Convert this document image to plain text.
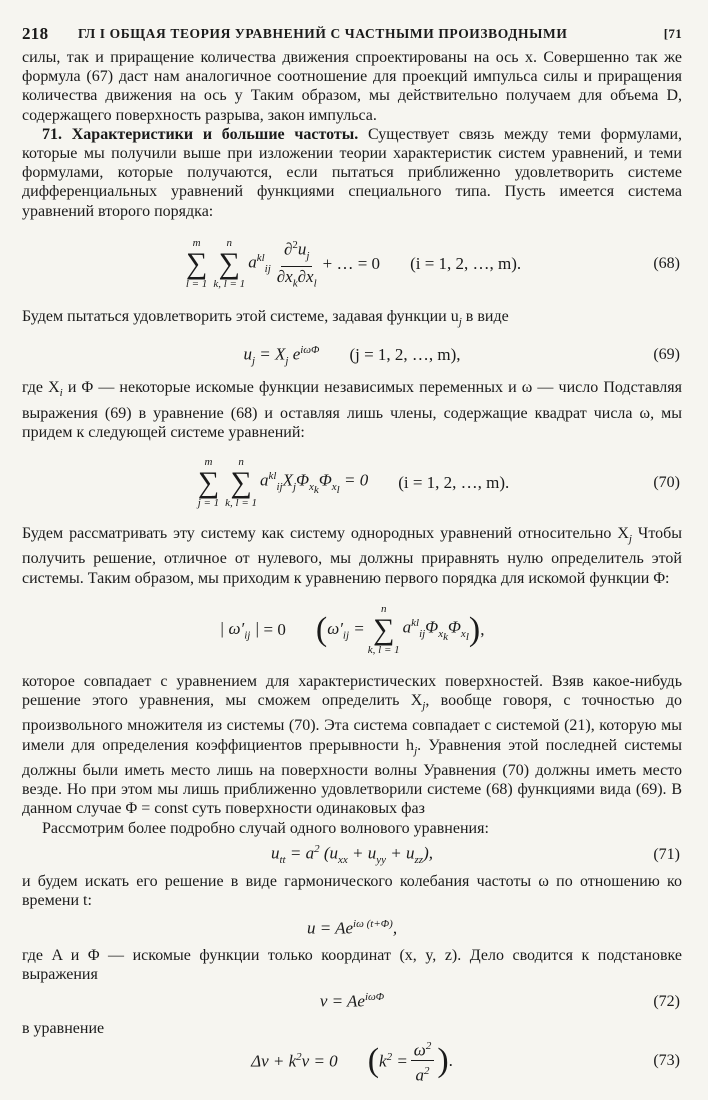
218 ГЛ I ОБЩАЯ ТЕОРИЯ УРАВНЕНИЙ С ЧАСТНЫМИ ПРОИЗВОДНЫМИ	[71

силы, так и приращение количества движения спроектированы на ось x. Совершенно так же формула (67) даст нам аналогичное соотношение для проекций импульса силы и приращения количества движения на ось y Таким образом, мы действительно получаем для объема D, содержащего поверхность разрыва, закон импульса.

71. Характеристики и большие частоты. Существует связь между теми формулами, которые мы получили выше при изложении теории характеристик систем уравнений, и теми формулами, которые получаются, если пытаться приближенно удовлетворить системе дифференциальных уравнений функциями специального типа. Пусть имеется система уравнений второго порядка:

m
∑
l = 1
n
∑
k, l = 1
$a^{kl}_{ij} \frac{\partial^2u_j}{\partial x_k\partial x_l}$ + … = 0 (i = 1, 2, …, m).	(68)

Будем пытаться удовлетворить этой системе, задавая функции $u_j$ в виде

$u_j = X_j$ $e^{i\omega\Phi}$ (j = 1, 2, …, m),	(69)

где $X_i$ и Φ — некоторые искомые функции независимых переменных и ω — число Подставляя выражения (69) в уравнение (68) и оставляя лишь члены, содержащие квадрат числа ω, мы придем к следующей системе уравнений:

m
∑
j = 1
n
∑
k, l = 1
$a^{kl}_{ij}X_j\Phi_{x_k}\Phi_{x_l} = 0$ (i = 1, 2, …, m).	(70)

Будем рассматривать эту систему как систему однородных уравнений относительно $X_j$ Чтобы получить решение, отличное от нулевого, мы должны приравнять нулю определитель этой системы. Таким образом, мы приходим к уравнению первого порядка для искомой функции Φ:

| $\omega'_{ij}$ |
= 0 ( $\omega'_{ij}$ =
n
∑
k, l = 1
$a^{kl}_{ij}\Phi_{x_k}\Phi_{x_l}$ ) ,

которое совпадает с уравнением для характеристических поверхностей. Взяв какое-нибудь решение этого уравнения, мы сможем определить $X_j$, вообще говоря, с точностью до произвольного множителя из системы (70). Эта система совпадает с системой (21), которую мы имели для определения коэффициентов прерывности $h_j$. Уравнения этой последней системы должны были иметь место лишь на поверхности волны Уравнения (70) должны иметь место везде. Но при этом мы лишь приближенно удовлетворили системе (68) функциями вида (69). В данном случае Φ = const суть поверхности одинаковых фаз

Рассмотрим более подробно случай одного волнового уравнения:

$u_{tt} = a^2$ $(u_{xx} + u_{yy} + u_{zz})$,	(71)

и будем искать его решение в виде гармонического колебания частоты ω по отношению ко времени t:

$u = Ae^{i\omega (t+\Phi)}$,

где A и Φ — искомые функции только координат (x, y, z). Дело сводится к подстановке выражения

$v = Ae^{i\omega\Phi}$	(72)

в уравнение

$\Delta v + k^2v = 0$ ( $k^2 = \frac{\omega^2}{a^2}$ ) .	(73)
